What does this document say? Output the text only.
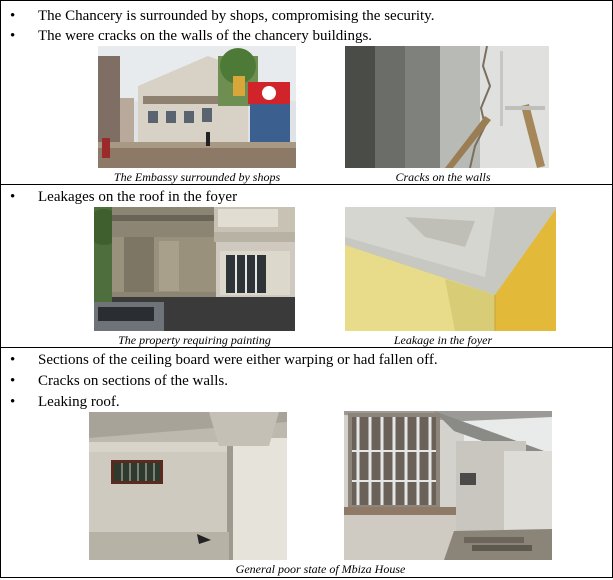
•	The Chancery is surrounded by shops, compromising the security.
•	The were cracks on the walls of the chancery buildings.
The Embassy surrounded by shops	Cracks on the walls
•	Leakages on the roof in the foyer
The property requiring painting	Leakage in the foyer
•	Sections of the ceiling board were either warping or had fallen off.
•	Cracks on sections of the walls.
•	Leaking roof.
General poor state of Mbiza House
